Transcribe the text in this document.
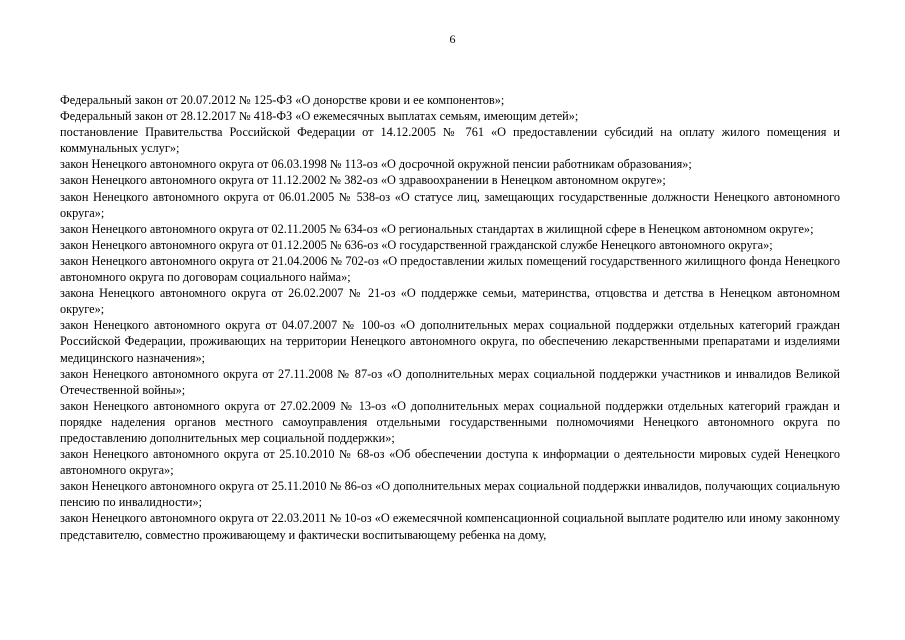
6

Федеральный закон от 20.07.2012 № 125-ФЗ «О донорстве крови и ее компонентов»;

Федеральный закон от 28.12.2017 № 418-ФЗ «О ежемесячных выплатах семьям, имеющим детей»;

постановление Правительства Российской Федерации от 14.12.2005 № 761 «О предоставлении субсидий на оплату жилого помещения и коммунальных услуг»;

закон Ненецкого автономного округа от 06.03.1998 № 113-оз «О досрочной окружной пенсии работникам образования»;

закон Ненецкого автономного округа от 11.12.2002 № 382-оз «О здравоохранении в Ненецком автономном округе»;

закон Ненецкого автономного округа от 06.01.2005 № 538-оз «О статусе лиц, замещающих государственные должности Ненецкого автономного округа»;

закон Ненецкого автономного округа от 02.11.2005 № 634-оз «О региональных стандартах в жилищной сфере в Ненецком автономном округе»;

закон Ненецкого автономного округа от 01.12.2005 № 636-оз «О государственной гражданской службе Ненецкого автономного округа»;

закон Ненецкого автономного округа от 21.04.2006 № 702-оз «О предоставлении жилых помещений государственного жилищного фонда Ненецкого автономного округа по договорам социального найма»;

закона Ненецкого автономного округа от 26.02.2007 № 21-оз «О поддержке семьи, материнства, отцовства и детства в Ненецком автономном округе»;

закон Ненецкого автономного округа от 04.07.2007 № 100-оз «О дополнительных мерах социальной поддержки отдельных категорий граждан Российской Федерации, проживающих на территории Ненецкого автономного округа, по обеспечению лекарственными препаратами и изделиями медицинского назначения»;

закон Ненецкого автономного округа от 27.11.2008 № 87-оз «О дополнительных мерах социальной поддержки участников и инвалидов Великой Отечественной войны»;

закон Ненецкого автономного округа от 27.02.2009 № 13-оз «О дополнительных мерах социальной поддержки отдельных категорий граждан и порядке наделения органов местного самоуправления отдельными государственными полномочиями Ненецкого автономного округа по предоставлению дополнительных мер социальной поддержки»;

закон Ненецкого автономного округа от 25.10.2010 № 68-оз «Об обеспечении доступа к информации о деятельности мировых судей Ненецкого автономного округа»;

закон Ненецкого автономного округа от 25.11.2010 № 86-оз «О дополнительных мерах социальной поддержки инвалидов, получающих социальную пенсию по инвалидности»;

закон Ненецкого автономного округа от 22.03.2011 № 10-оз «О ежемесячной компенсационной социальной выплате родителю или иному законному представителю, совместно проживающему и фактически воспитывающему ребенка на дому,
